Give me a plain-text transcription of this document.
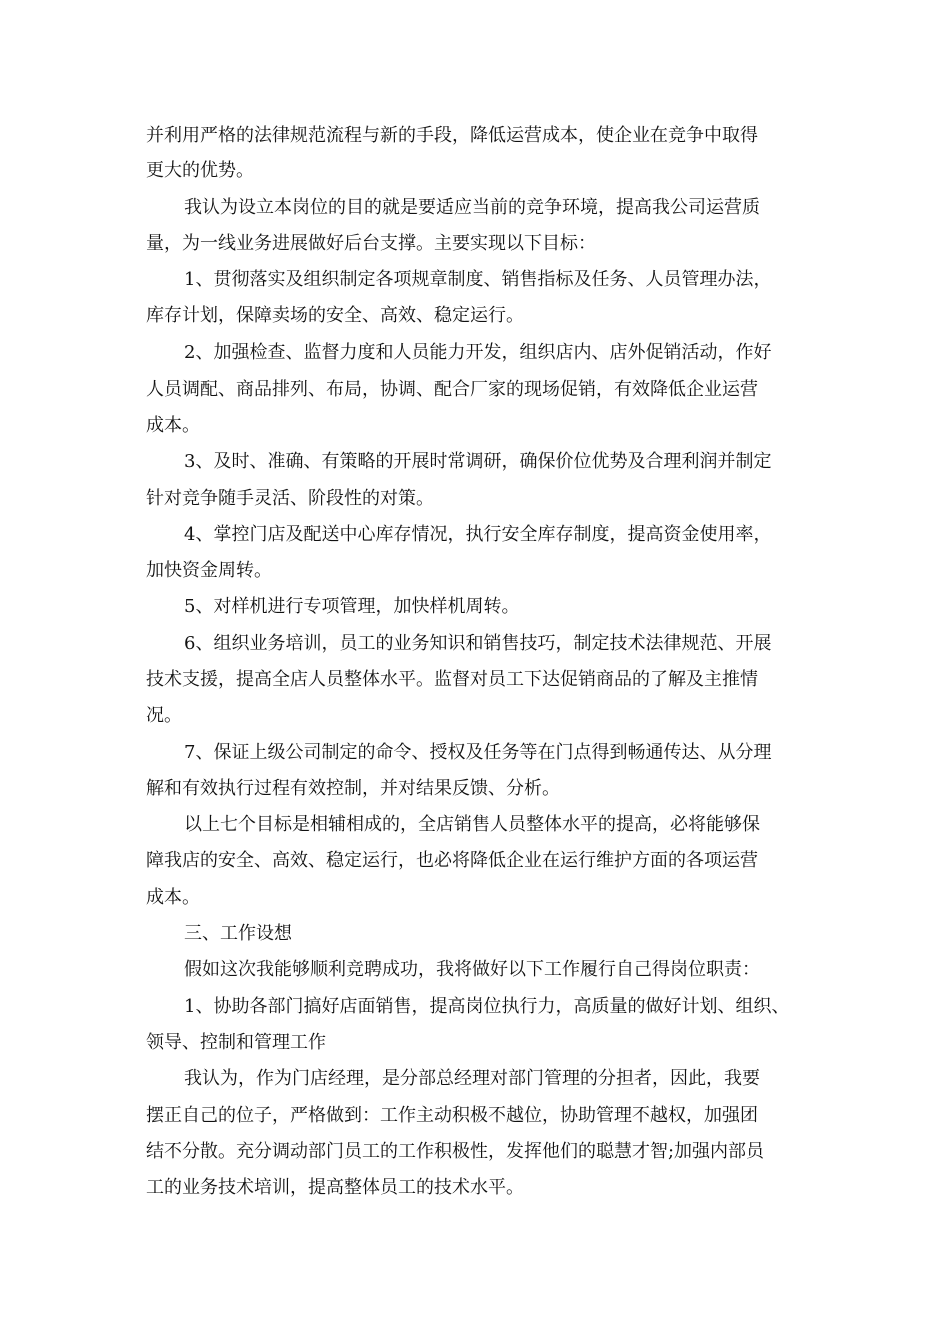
并利用严格的法律规范流程与新的手段，降低运营成本，使企业在竞争中取得
更大的优势。
我认为设立本岗位的目的就是要适应当前的竞争环境，提高我公司运营质
量，为一线业务进展做好后台支撑。主要实现以下目标：
1、贯彻落实及组织制定各项规章制度、销售指标及任务、人员管理办法，
库存计划，保障卖场的安全、高效、稳定运行。
2、加强检查、监督力度和人员能力开发，组织店内、店外促销活动，作好
人员调配、商品排列、布局，协调、配合厂家的现场促销，有效降低企业运营
成本。
3、及时、准确、有策略的开展时常调研，确保价位优势及合理利润并制定
针对竞争随手灵活、阶段性的对策。
4、掌控门店及配送中心库存情况，执行安全库存制度，提高资金使用率，
加快资金周转。
5、对样机进行专项管理，加快样机周转。
6、组织业务培训，员工的业务知识和销售技巧，制定技术法律规范、开展
技术支援，提高全店人员整体水平。监督对员工下达促销商品的了解及主推情
况。
7、保证上级公司制定的命令、授权及任务等在门点得到畅通传达、从分理
解和有效执行过程有效控制，并对结果反馈、分析。
以上七个目标是相辅相成的，全店销售人员整体水平的提高，必将能够保
障我店的安全、高效、稳定运行，也必将降低企业在运行维护方面的各项运营
成本。
三、工作设想
假如这次我能够顺利竞聘成功，我将做好以下工作履行自己得岗位职责：
1、协助各部门搞好店面销售，提高岗位执行力，高质量的做好计划、组织、
领导、控制和管理工作
我认为，作为门店经理，是分部总经理对部门管理的分担者，因此，我要
摆正自己的位子，严格做到：工作主动积极不越位，协助管理不越权，加强团
结不分散。充分调动部门员工的工作积极性，发挥他们的聪慧才智;加强内部员
工的业务技术培训，提高整体员工的技术水平。
